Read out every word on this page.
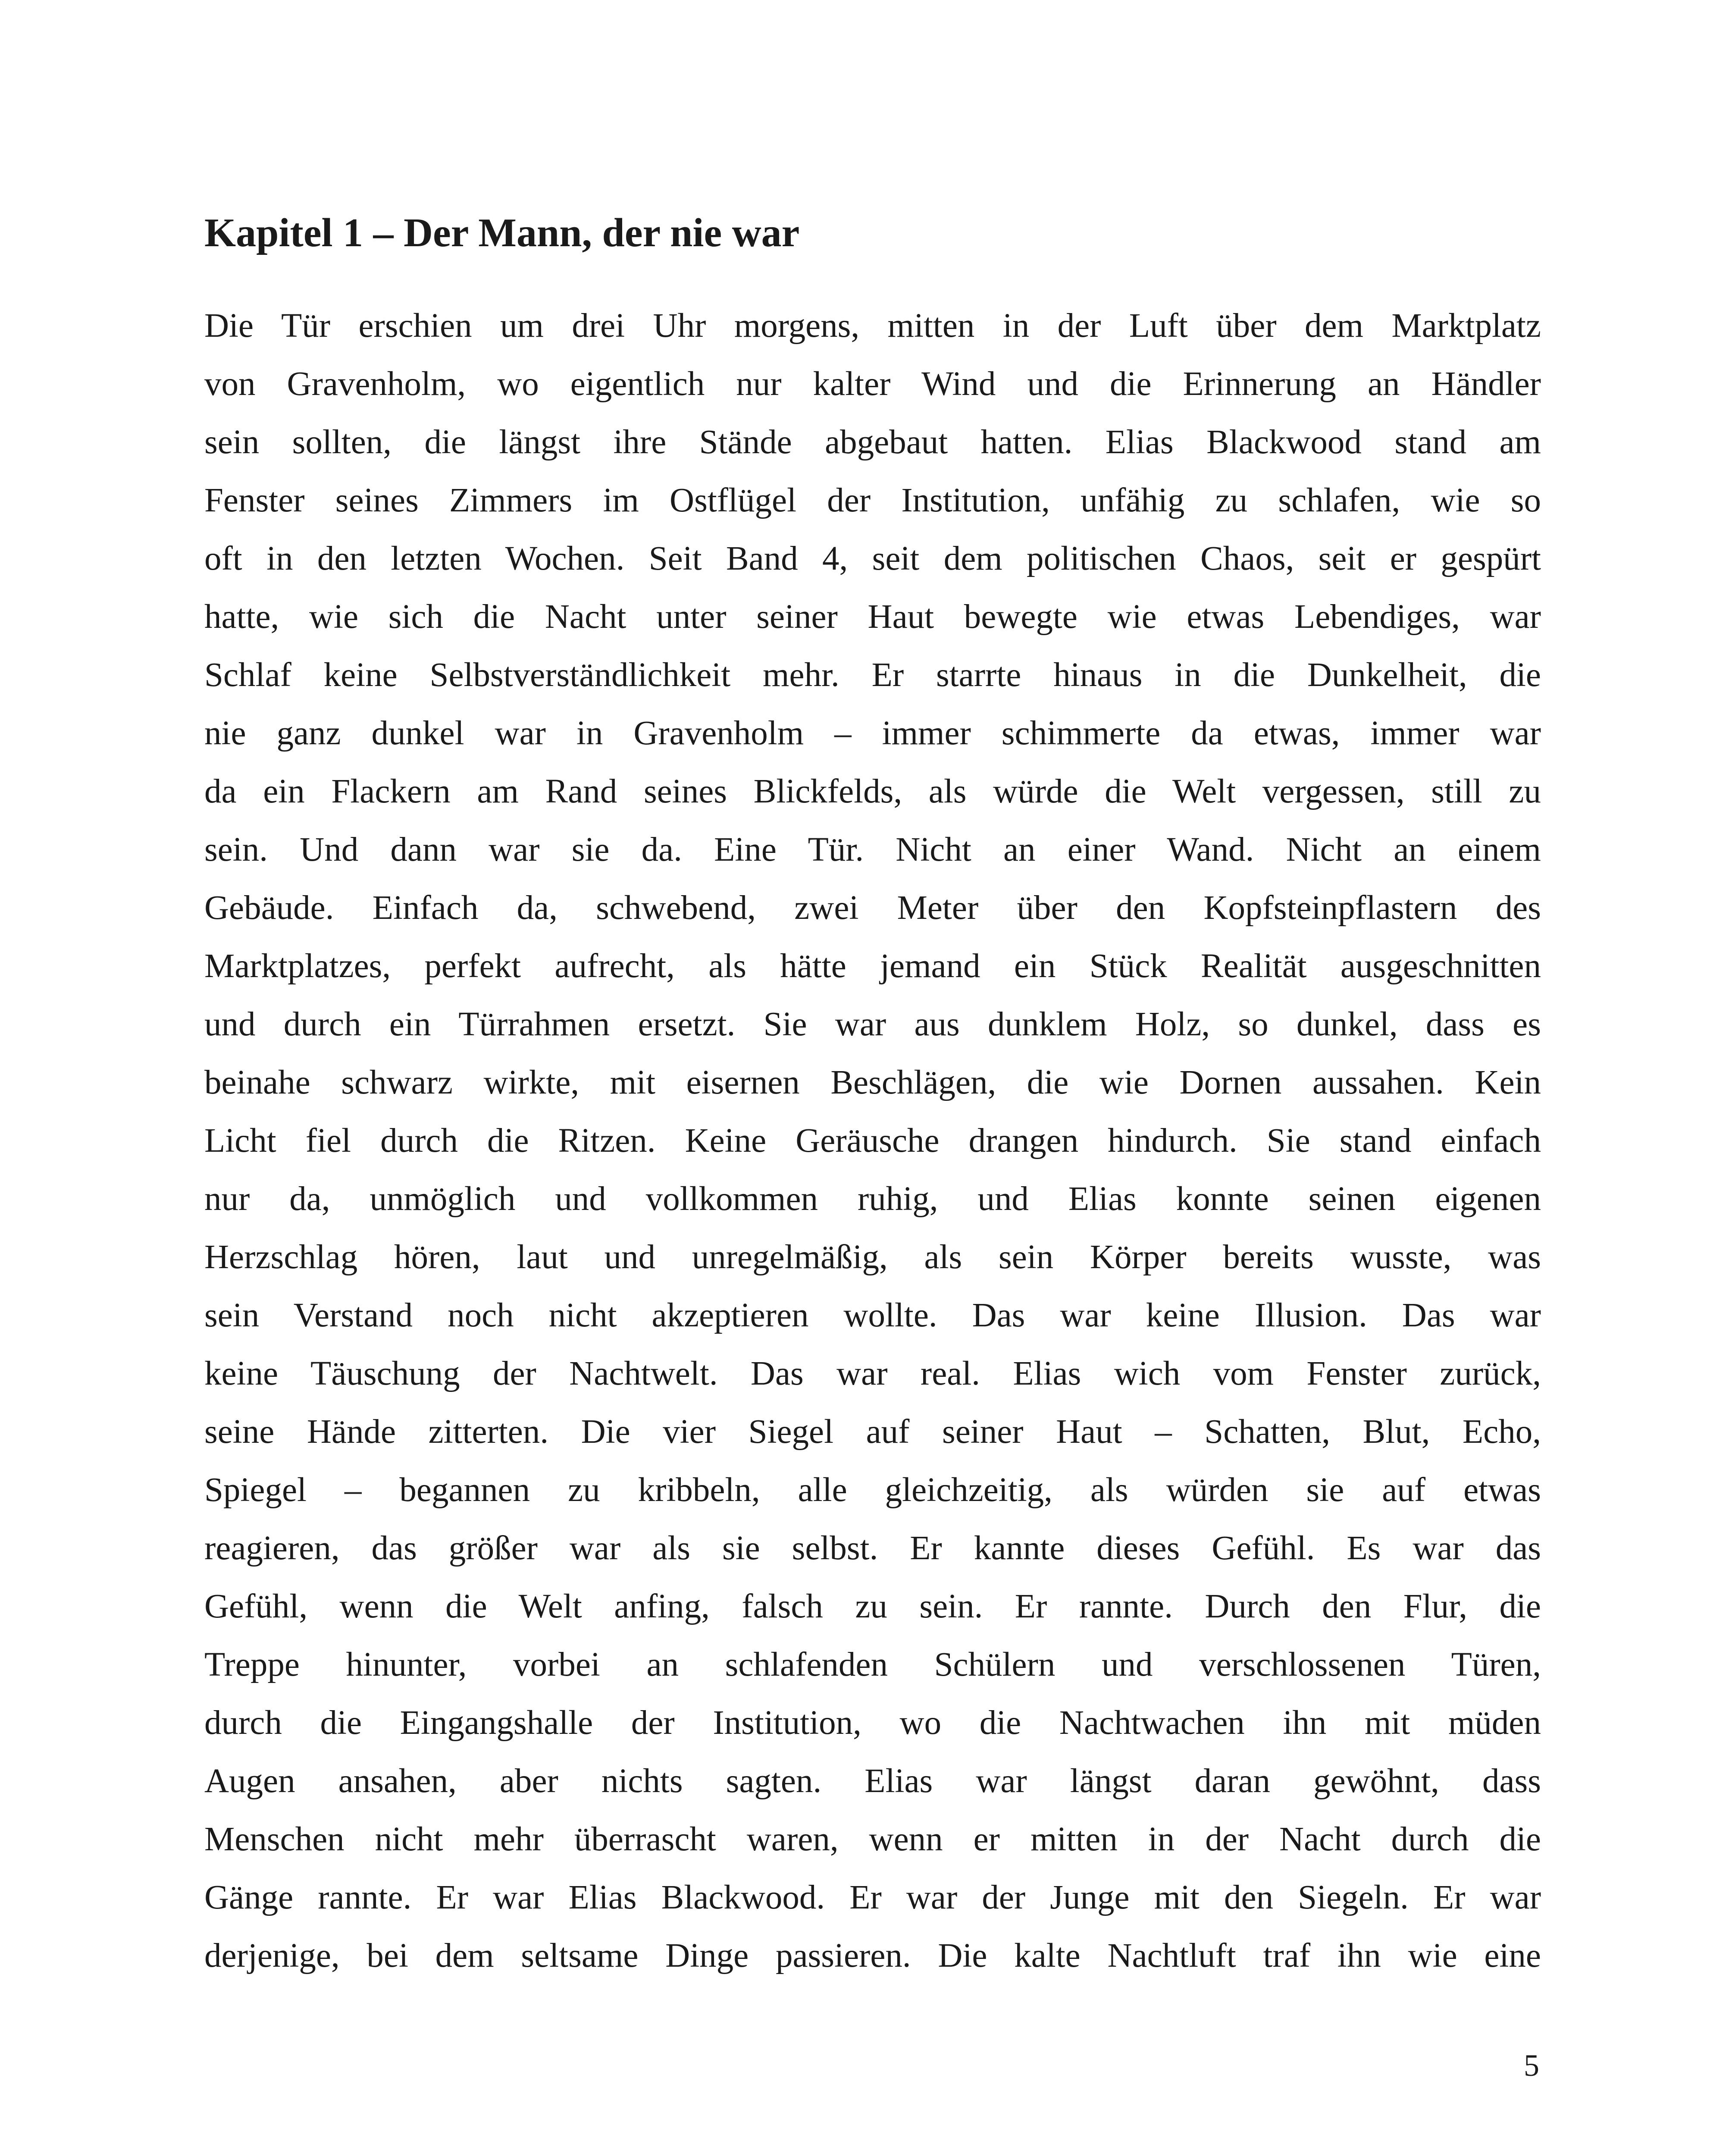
Kapitel 1 – Der Mann, der nie war
Die Tür erschien um drei Uhr morgens, mitten in der Luft über dem Marktplatz
von Gravenholm, wo eigentlich nur kalter Wind und die Erinnerung an Händler
sein sollten, die längst ihre Stände abgebaut hatten. Elias Blackwood stand am
Fenster seines Zimmers im Ostflügel der Institution, unfähig zu schlafen, wie so
oft in den letzten Wochen. Seit Band 4, seit dem politischen Chaos, seit er gespürt
hatte, wie sich die Nacht unter seiner Haut bewegte wie etwas Lebendiges, war
Schlaf keine Selbstverständlichkeit mehr. Er starrte hinaus in die Dunkelheit, die
nie ganz dunkel war in Gravenholm – immer schimmerte da etwas, immer war
da ein Flackern am Rand seines Blickfelds, als würde die Welt vergessen, still zu
sein. Und dann war sie da. Eine Tür. Nicht an einer Wand. Nicht an einem
Gebäude. Einfach da, schwebend, zwei Meter über den Kopfsteinpflastern des
Marktplatzes, perfekt aufrecht, als hätte jemand ein Stück Realität ausgeschnitten
und durch ein Türrahmen ersetzt. Sie war aus dunklem Holz, so dunkel, dass es
beinahe schwarz wirkte, mit eisernen Beschlägen, die wie Dornen aussahen. Kein
Licht fiel durch die Ritzen. Keine Geräusche drangen hindurch. Sie stand einfach
nur da, unmöglich und vollkommen ruhig, und Elias konnte seinen eigenen
Herzschlag hören, laut und unregelmäßig, als sein Körper bereits wusste, was
sein Verstand noch nicht akzeptieren wollte. Das war keine Illusion. Das war
keine Täuschung der Nachtwelt. Das war real. Elias wich vom Fenster zurück,
seine Hände zitterten. Die vier Siegel auf seiner Haut – Schatten, Blut, Echo,
Spiegel – begannen zu kribbeln, alle gleichzeitig, als würden sie auf etwas
reagieren, das größer war als sie selbst. Er kannte dieses Gefühl. Es war das
Gefühl, wenn die Welt anfing, falsch zu sein. Er rannte. Durch den Flur, die
Treppe hinunter, vorbei an schlafenden Schülern und verschlossenen Türen,
durch die Eingangshalle der Institution, wo die Nachtwachen ihn mit müden
Augen ansahen, aber nichts sagten. Elias war längst daran gewöhnt, dass
Menschen nicht mehr überrascht waren, wenn er mitten in der Nacht durch die
Gänge rannte. Er war Elias Blackwood. Er war der Junge mit den Siegeln. Er war
derjenige, bei dem seltsame Dinge passieren. Die kalte Nachtluft traf ihn wie eine
5
